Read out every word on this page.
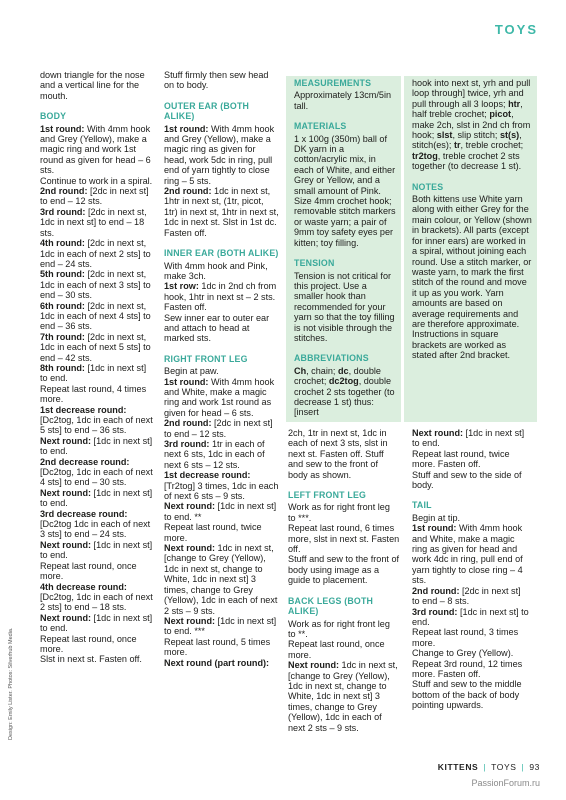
TOYS
Design: Emily Lister. Photos: Silverhub Media.

down triangle for the nose and a vertical line for the mouth.

BODY

1st round: With 4mm hook and Grey (Yellow), make a magic ring and work 1st round as given for head – 6 sts.

Continue to work in a spiral.

2nd round: [2dc in next st] to end – 12 sts.

3rd round: [2dc in next st, 1dc in next st] to end – 18 sts.

4th round: [2dc in next st, 1dc in each of next 2 sts] to end – 24 sts.

5th round: [2dc in next st, 1dc in each of next 3 sts] to end – 30 sts.

6th round: [2dc in next st, 1dc in each of next 4 sts] to end – 36 sts.

7th round: [2dc in next st, 1dc in each of next 5 sts] to end – 42 sts.

8th round: [1dc in next st] to end.

Repeat last round, 4 times more.

1st decrease round: [Dc2tog, 1dc in each of next 5 sts] to end – 36 sts.

Next round: [1dc in next st] to end.

2nd decrease round: [Dc2tog, 1dc in each of next 4 sts] to end – 30 sts.

Next round: [1dc in next st] to end.

3rd decrease round: [Dc2tog 1dc in each of next 3 sts] to end – 24 sts.

Next round: [1dc in next st] to end.

Repeat last round, once more.

4th decrease round: [Dc2tog, 1dc in each of next 2 sts] to end – 18 sts.

Next round: [1dc in next st] to end.

Repeat last round, once more.

Slst in next st. Fasten off.

Stuff firmly then sew head on to body.

OUTER EAR (BOTH ALIKE)

1st round: With 4mm hook and Grey (Yellow), make a magic ring as given for head, work 5dc in ring, pull end of yarn tightly to close ring – 5 sts.

2nd round: 1dc in next st, 1htr in next st, (1tr, picot, 1tr) in next st, 1htr in next st, 1dc in next st. Slst in 1st dc. Fasten off.

INNER EAR (BOTH ALIKE)

With 4mm hook and Pink, make 3ch.

1st row: 1dc in 2nd ch from hook, 1htr in next st – 2 sts. Fasten off.

Sew inner ear to outer ear and attach to head at marked sts.

RIGHT FRONT LEG

Begin at paw.

1st round: With 4mm hook and White, make a magic ring and work 1st round as given for head – 6 sts.

2nd round: [2dc in next st] to end – 12 sts.

3rd round: 1tr in each of next 6 sts, 1dc in each of next 6 sts – 12 sts.

1st decrease round: [Tr2tog] 3 times, 1dc in each of next 6 sts – 9 sts.

Next round: [1dc in next st] to end. **

Repeat last round, twice more.

Next round: 1dc in next st, [change to Grey (Yellow), 1dc in next st, change to White, 1dc in next st] 3 times, change to Grey (Yellow), 1dc in each of next 2 sts – 9 sts.

Next round: [1dc in next st] to end. ***

Repeat last round, 5 times more.

Next round (part round):

MEASUREMENTS

Approximately 13cm/5in tall.

MATERIALS

1 x 100g (350m) ball of DK yarn in a cotton/acrylic mix, in each of White, and either Grey or Yellow, and a small amount of Pink. Size 4mm crochet hook; removable stitch markers or waste yarn; a pair of 9mm toy safety eyes per kitten; toy filling.

TENSION

Tension is not critical for this project. Use a smaller hook than recommended for your yarn so that the toy filling is not visible through the stitches.

ABBREVIATIONS

Ch, chain; dc, double crochet; dc2tog, double crochet 2 sts together (to decrease 1 st) thus: [insert

hook into next st, yrh and pull loop through] twice, yrh and pull through all 3 loops; htr, half treble crochet; picot, make 2ch, slst in 2nd ch from hook; slst, slip stitch; st(s), stitch(es); tr, treble crochet; tr2tog, treble crochet 2 sts together (to decrease 1 st).

NOTES

Both kittens use White yarn along with either Grey for the main colour, or Yellow (shown in brackets). All parts (except for inner ears) are worked in a spiral, without joining each round. Use a stitch marker, or waste yarn, to mark the first stitch of the round and move it up as you work. Yarn amounts are based on average requirements and are therefore approximate. Instructions in square brackets are worked as stated after 2nd bracket.

2ch, 1tr in next st, 1dc in each of next 3 sts, slst in next st. Fasten off. Stuff and sew to the front of body as shown.

LEFT FRONT LEG

Work as for right front leg to ***.

Repeat last round, 6 times more, slst in next st. Fasten off.

Stuff and sew to the front of body using image as a guide to placement.

BACK LEGS (BOTH ALIKE)

Work as for right front leg to **.

Repeat last round, once more.

Next round: 1dc in next st, [change to Grey (Yellow), 1dc in next st, change to White, 1dc in next st] 3 times, change to Grey (Yellow), 1dc in each of next 2 sts – 9 sts.

Next round: [1dc in next st] to end.

Repeat last round, twice more. Fasten off.

Stuff and sew to the side of body.

TAIL

Begin at tip.

1st round: With 4mm hook and White, make a magic ring as given for head and work 4dc in ring, pull end of yarn tightly to close ring – 4 sts.

2nd round: [2dc in next st] to end – 8 sts.

3rd round: [1dc in next st] to end.

Repeat last round, 3 times more.

Change to Grey (Yellow).

Repeat 3rd round, 12 times more. Fasten off.

Stuff and sew to the middle bottom of the back of body pointing upwards.

KITTENS | TOYS | 93
PassionForum.ru
